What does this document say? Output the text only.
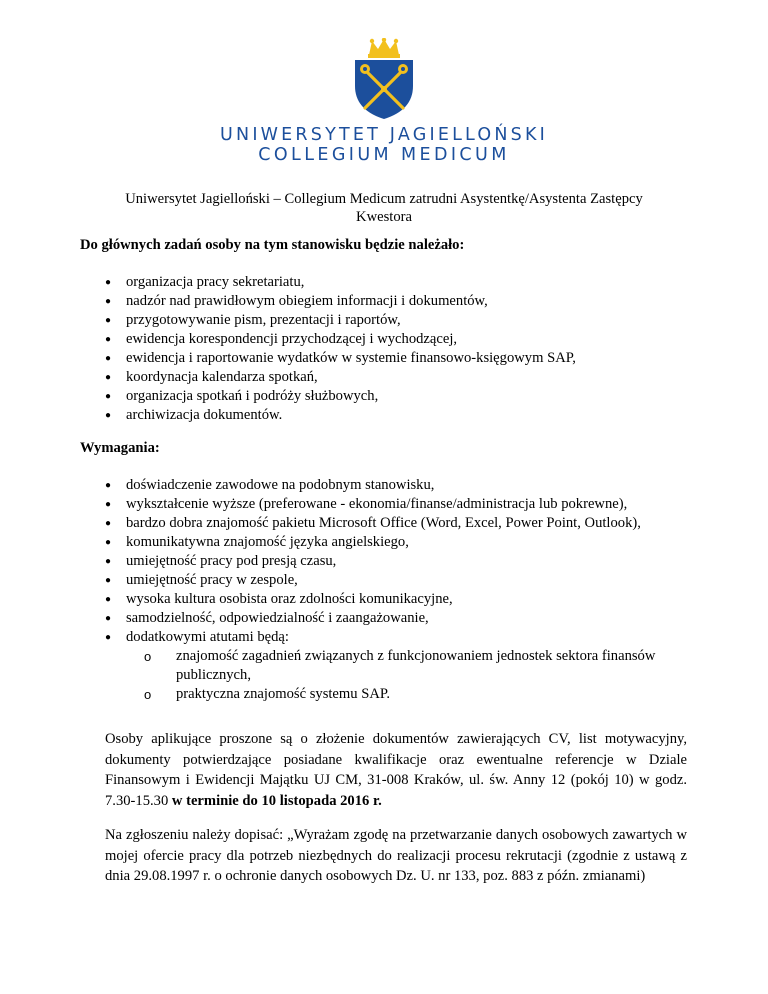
UNIWERSYTET JAGIELLOŃSKI
COLLEGIUM MEDICUM
Uniwersytet Jagielloński – Collegium Medicum zatrudni Asystentkę/Asystenta Zastępcy
Kwestora
Do głównych zadań osoby na tym stanowisku będzie należało:
● organizacja pracy sekretariatu,
● nadzór nad prawidłowym obiegiem informacji i dokumentów,
● przygotowywanie pism, prezentacji i raportów,
● ewidencja korespondencji przychodzącej i wychodzącej,
● ewidencja i raportowanie wydatków w systemie finansowo-księgowym SAP,
● koordynacja kalendarza spotkań,
● organizacja spotkań i podróży służbowych,
● archiwizacja dokumentów.
Wymagania:
● doświadczenie zawodowe na podobnym stanowisku,
● wykształcenie wyższe (preferowane - ekonomia/finanse/administracja lub pokrewne),
● bardzo dobra znajomość pakietu Microsoft Office (Word, Excel, Power Point, Outlook),
● komunikatywna znajomość języka angielskiego,
● umiejętność pracy pod presją czasu,
● umiejętność pracy w zespole,
● wysoka kultura osobista oraz zdolności komunikacyjne,
● samodzielność, odpowiedzialność i zaangażowanie,
● dodatkowymi atutami będą:
o znajomość zagadnień związanych z funkcjonowaniem jednostek sektora finansów publicznych,
o praktyczna znajomość systemu SAP.
Osoby aplikujące proszone są o złożenie dokumentów zawierających CV, list motywacyjny, dokumenty potwierdzające posiadane kwalifikacje oraz ewentualne referencje w Dziale Finansowym i Ewidencji Majątku UJ CM, 31-008 Kraków, ul. św. Anny 12 (pokój 10) w godz. 7.30-15.30 w terminie do 10 listopada 2016 r.
Na zgłoszeniu należy dopisać: „Wyrażam zgodę na przetwarzanie danych osobowych zawartych w mojej ofercie pracy dla potrzeb niezbędnych do realizacji procesu rekrutacji (zgodnie z ustawą z dnia 29.08.1997 r. o ochronie danych osobowych Dz. U. nr 133, poz. 883 z późn. zmianami)
